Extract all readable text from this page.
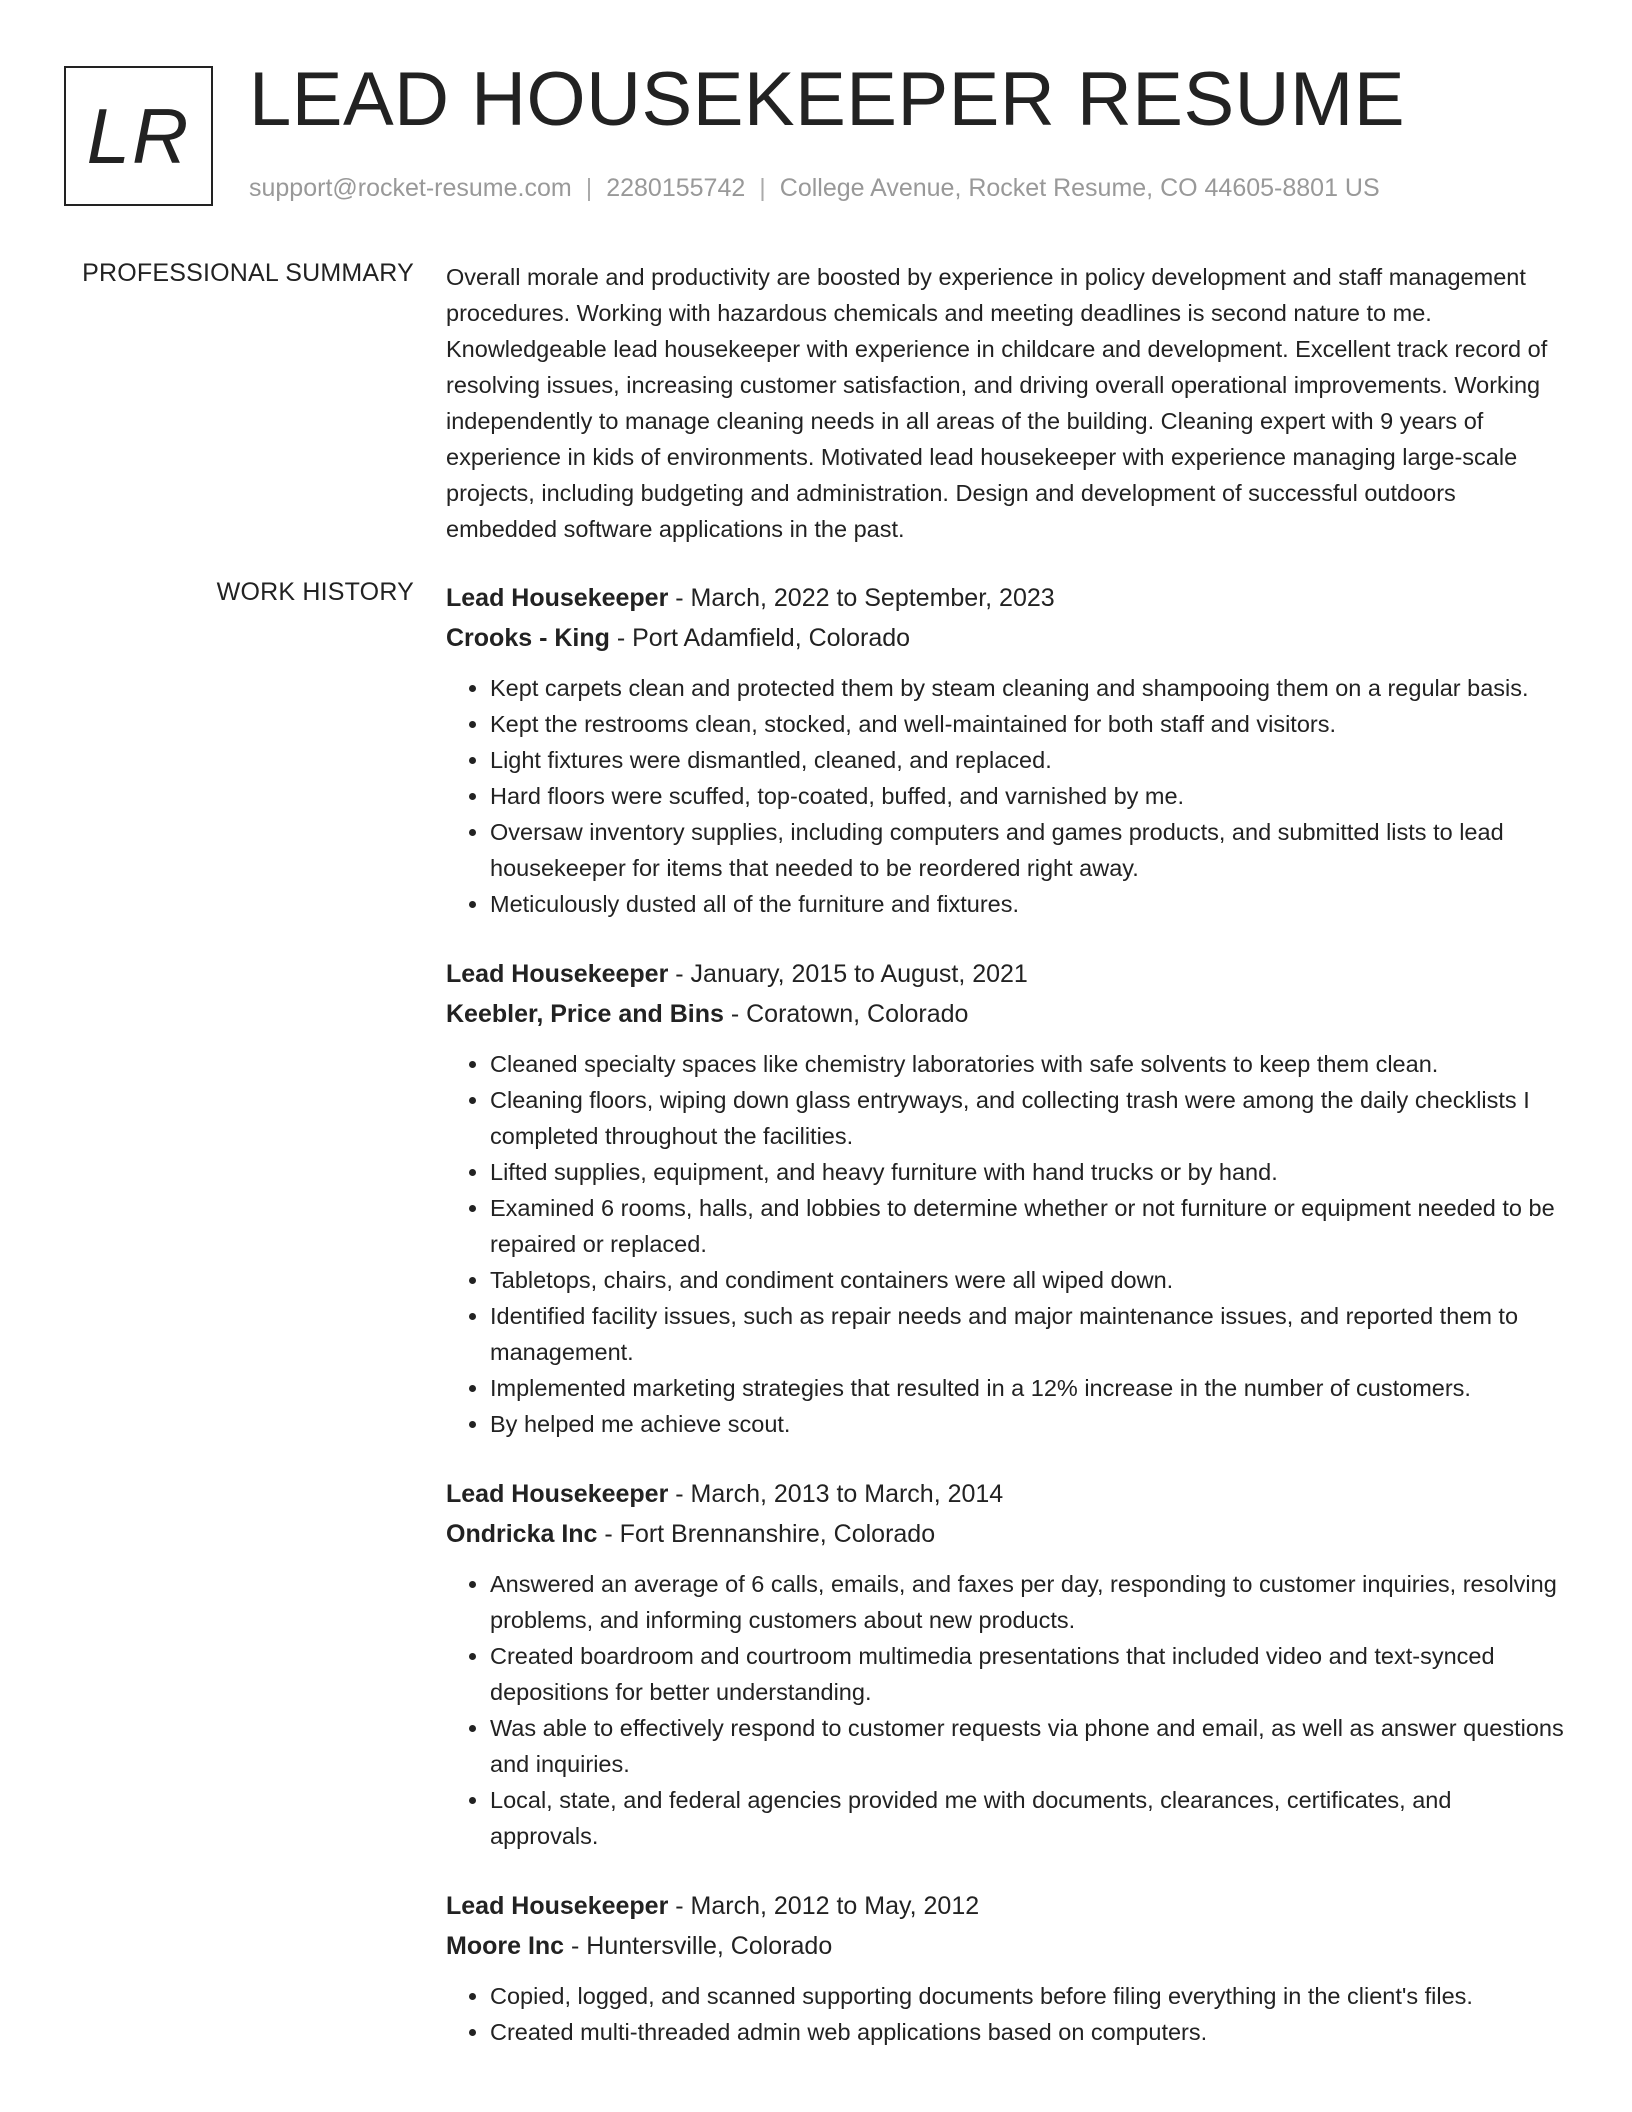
LR LEAD HOUSEKEEPER RESUME
support@rocket-resume.com | 2280155742 | College Avenue, Rocket Resume, CO 44605-8801 US
PROFESSIONAL SUMMARY Overall morale and productivity are boosted by experience in policy development and staff management procedures. Working with hazardous chemicals and meeting deadlines is second nature to me. Knowledgeable lead housekeeper with experience in childcare and development. Excellent track record of resolving issues, increasing customer satisfaction, and driving overall operational improvements. Working independently to manage cleaning needs in all areas of the building. Cleaning expert with 9 years of experience in kids of environments. Motivated lead housekeeper with experience managing large-scale projects, including budgeting and administration. Design and development of successful outdoors embedded software applications in the past.
WORK HISTORY Lead Housekeeper - March, 2022 to September, 2023
Crooks - King - Port Adamfield, Colorado
• Kept carpets clean and protected them by steam cleaning and shampooing them on a regular basis.
• Kept the restrooms clean, stocked, and well-maintained for both staff and visitors.
• Light fixtures were dismantled, cleaned, and replaced.
• Hard floors were scuffed, top-coated, buffed, and varnished by me.
• Oversaw inventory supplies, including computers and games products, and submitted lists to lead housekeeper for items that needed to be reordered right away.
• Meticulously dusted all of the furniture and fixtures.
Lead Housekeeper - January, 2015 to August, 2021
Keebler, Price and Bins - Coratown, Colorado
• Cleaned specialty spaces like chemistry laboratories with safe solvents to keep them clean.
• Cleaning floors, wiping down glass entryways, and collecting trash were among the daily checklists I completed throughout the facilities.
• Lifted supplies, equipment, and heavy furniture with hand trucks or by hand.
• Examined 6 rooms, halls, and lobbies to determine whether or not furniture or equipment needed to be repaired or replaced.
• Tabletops, chairs, and condiment containers were all wiped down.
• Identified facility issues, such as repair needs and major maintenance issues, and reported them to management.
• Implemented marketing strategies that resulted in a 12% increase in the number of customers.
• By helped me achieve scout.
Lead Housekeeper - March, 2013 to March, 2014
Ondricka Inc - Fort Brennanshire, Colorado
• Answered an average of 6 calls, emails, and faxes per day, responding to customer inquiries, resolving problems, and informing customers about new products.
• Created boardroom and courtroom multimedia presentations that included video and text-synced depositions for better understanding.
• Was able to effectively respond to customer requests via phone and email, as well as answer questions and inquiries.
• Local, state, and federal agencies provided me with documents, clearances, certificates, and approvals.
Lead Housekeeper - March, 2012 to May, 2012
Moore Inc - Huntersville, Colorado
• Copied, logged, and scanned supporting documents before filing everything in the client's files.
• Created multi-threaded admin web applications based on computers.
